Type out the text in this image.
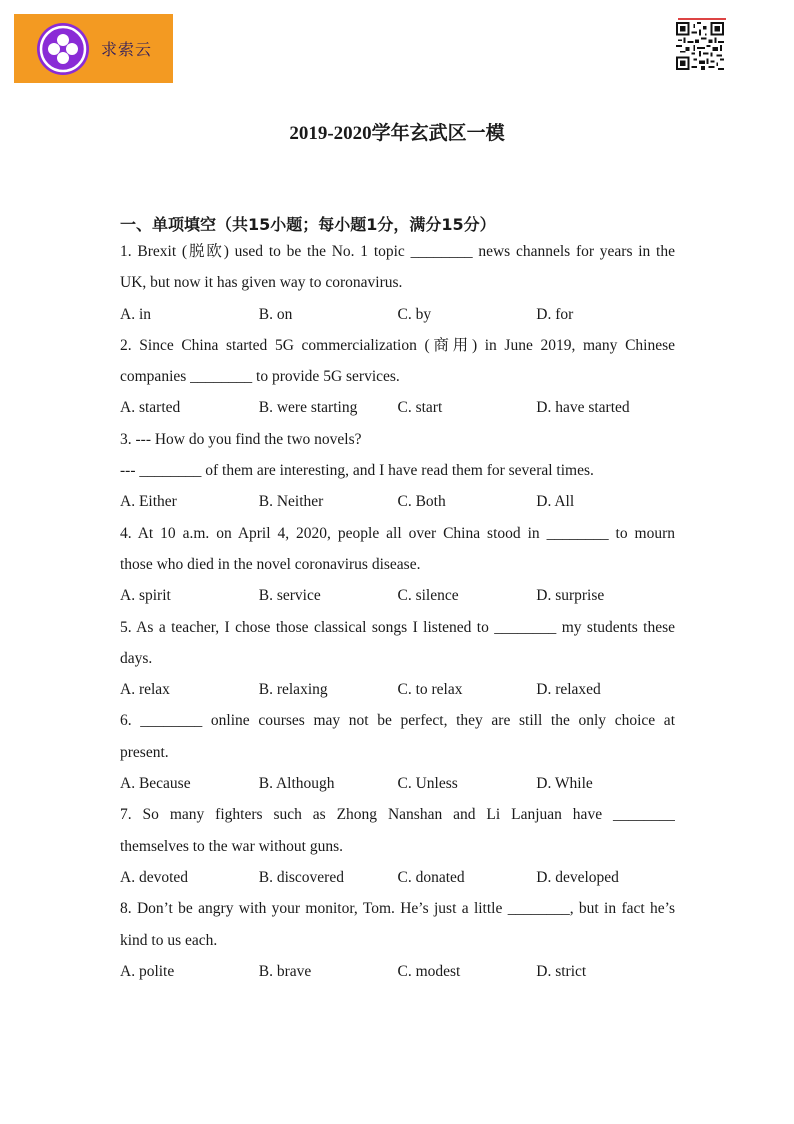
求索云
2019-2020学年玄武区一模
一、单项填空（共15小题；每小题1分，满分15分）
1. Brexit (脱欧) used to be the No. 1 topic ________ news channels for years in the
UK, but now it has given way to coronavirus.
A. in	B. on	C. by	D. for
2. Since China started 5G commercialization (商用) in June 2019, many Chinese
companies ________ to provide 5G services.
A. started	B. were starting	C. start	D. have started
3. --- How do you find the two novels?
--- ________ of them are interesting, and I have read them for several times.
A. Either	B. Neither	C. Both	D. All
4. At 10 a.m. on April 4, 2020, people all over China stood in ________ to mourn
those who died in the novel coronavirus disease.
A. spirit	B. service	C. silence	D. surprise
5. As a teacher, I chose those classical songs I listened to ________ my students these
days.
A. relax	B. relaxing	C. to relax	D. relaxed
6. ________ online courses may not be perfect, they are still the only choice at
present.
A. Because	B. Although	C. Unless	D. While
7. So many fighters such as Zhong Nanshan and Li Lanjuan have ________
themselves to the war without guns.
A. devoted	B. discovered	C. donated	D. developed
8. Don’t be angry with your monitor, Tom. He’s just a little ________, but in fact he’s
kind to us each.
A. polite	B. brave	C. modest	D. strict
